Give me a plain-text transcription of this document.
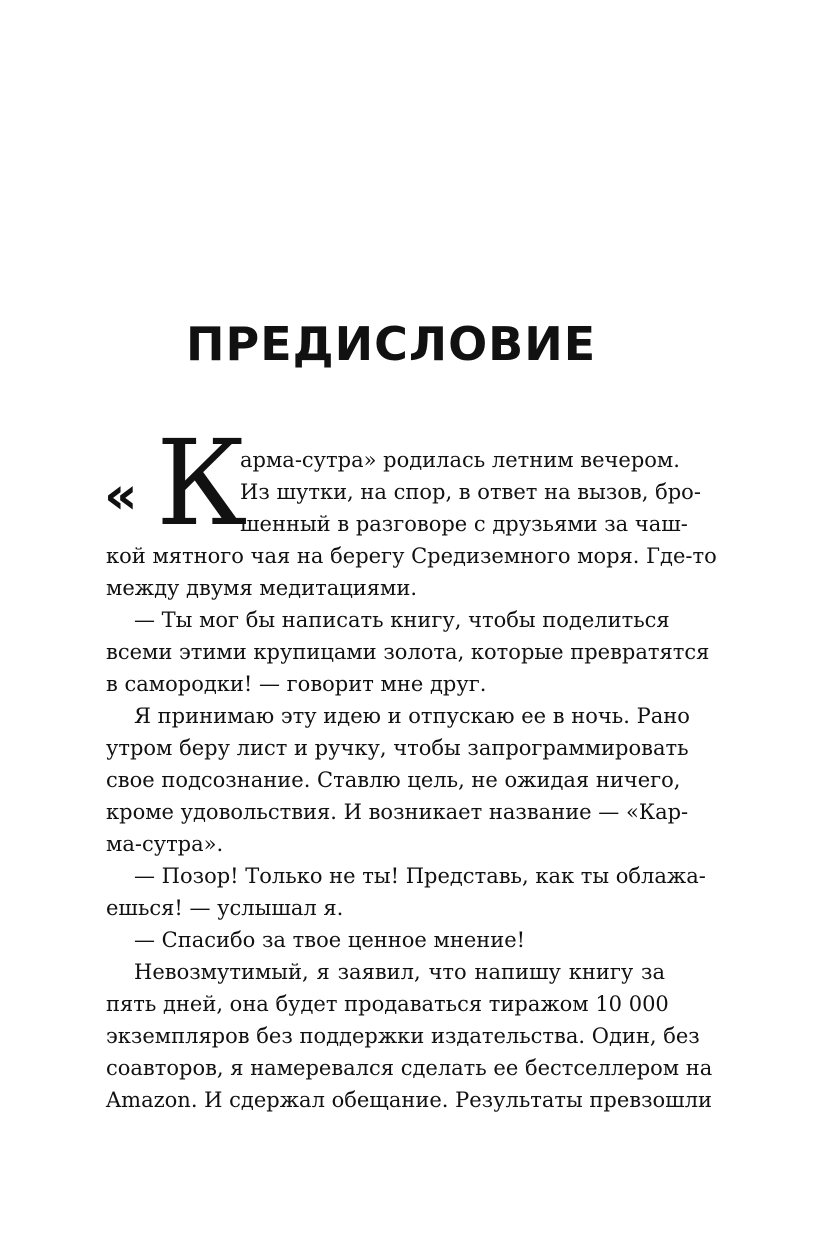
ПРЕДИСЛОВИЕ
« К
арма-сутра» родилась летним вечером.
Из шутки, на спор, в ответ на вызов, бро-
шенный в разговоре с друзьями за чаш-
кой мятного чая на берегу Средиземного моря. Где-то
между двумя медитациями.
— Ты мог бы написать книгу, чтобы поделиться
всеми этими крупицами золота, которые превратятся
в самородки! — говорит мне друг.
Я принимаю эту идею и отпускаю ее в ночь. Рано
утром беру лист и ручку, чтобы запрограммировать
свое подсознание. Ставлю цель, не ожидая ничего,
кроме удовольствия. И возникает название — «Кар-
ма-сутра».
— Позор! Только не ты! Представь, как ты облажа-
ешься! — услышал я.
— Спасибо за твое ценное мнение!
Невозмутимый, я заявил, что напишу книгу за
пять дней, она будет продаваться тиражом 10 000
экземпляров без поддержки издательства. Один, без
соавторов, я намеревался сделать ее бестселлером на
Amazon. И сдержал обещание. Результаты превзошли
